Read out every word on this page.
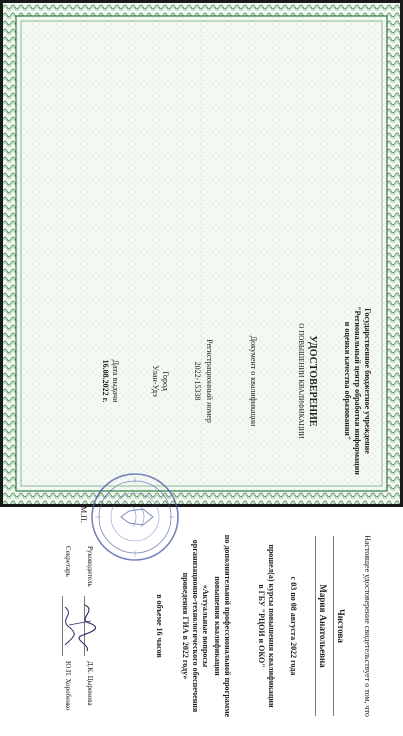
Государственное бюджетное учреждение
"Региональный центр обработки информации
и оценки качества образования"
УДОСТОВЕРЕНИЕ
О ПОВЫШЕНИИ КВАЛИФИКАЦИИ
Документ о квалификации
Регистрационный номер
2022-15338
Город
Улан-Удэ
Дата выдачи
16.08.2022 г.
М.П.
Настоящее удостоверение свидетельствует о том, что
Чистова
Мария Анатольевна
с 03 по 08 августа 2022 года
прошел(а) курсы повышения квалификации
в ГБУ "РЦОИ и ОКО"
по дополнительной профессиональной программе
повышения квалификации
«Актуальные вопросы
организационно-технологического обеспечения
проведения ГИА в 2022 году»
в объеме 16 часов
Руководитель
Д.К. Цыренова
Секретарь
Ю.П. Хоробенко
